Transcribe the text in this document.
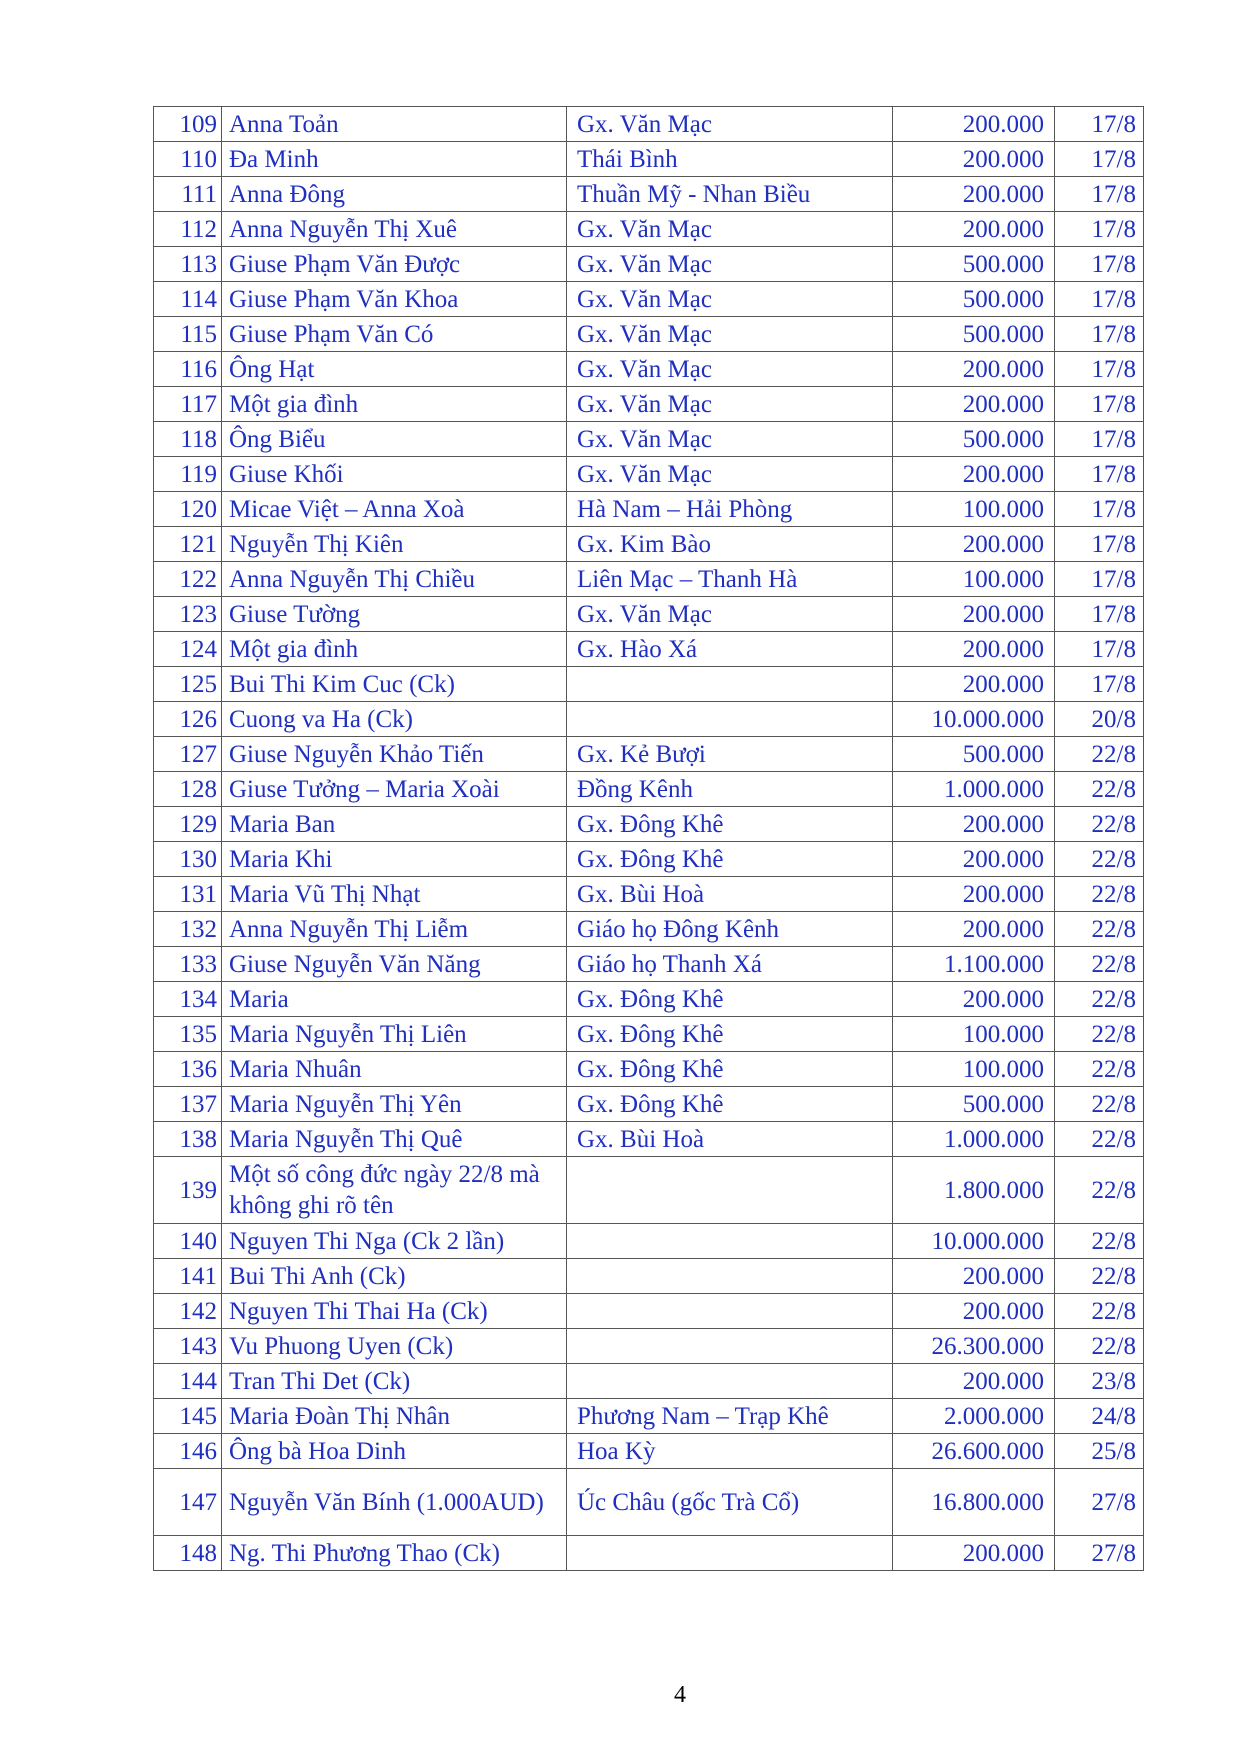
109	Anna Toản	Gx. Văn Mạc	200.000	17/8
110	Đa Minh	Thái Bình	200.000	17/8
111	Anna Đông	Thuần Mỹ - Nhan Biều	200.000	17/8
112	Anna Nguyễn Thị Xuê	Gx. Văn Mạc	200.000	17/8
113	Giuse Phạm Văn Được	Gx. Văn Mạc	500.000	17/8
114	Giuse Phạm Văn Khoa	Gx. Văn Mạc	500.000	17/8
115	Giuse Phạm Văn Có	Gx. Văn Mạc	500.000	17/8
116	Ông Hạt	Gx. Văn Mạc	200.000	17/8
117	Một gia đình	Gx. Văn Mạc	200.000	17/8
118	Ông Biểu	Gx. Văn Mạc	500.000	17/8
119	Giuse Khối	Gx. Văn Mạc	200.000	17/8
120	Micae Việt – Anna Xoà	Hà Nam – Hải Phòng	100.000	17/8
121	Nguyễn Thị Kiên	Gx. Kim Bào	200.000	17/8
122	Anna Nguyễn Thị Chiều	Liên Mạc – Thanh Hà	100.000	17/8
123	Giuse Tường	Gx. Văn Mạc	200.000	17/8
124	Một gia đình	Gx. Hào Xá	200.000	17/8
125	Bui Thi Kim Cuc (Ck)		200.000	17/8
126	Cuong va Ha (Ck)		10.000.000	20/8
127	Giuse Nguyễn Khảo Tiến	Gx. Kẻ Bượi	500.000	22/8
128	Giuse Tưởng – Maria Xoài	Đồng Kênh	1.000.000	22/8
129	Maria Ban	Gx. Đông Khê	200.000	22/8
130	Maria Khi	Gx. Đông Khê	200.000	22/8
131	Maria Vũ Thị Nhạt	Gx. Bùi Hoà	200.000	22/8
132	Anna Nguyễn Thị Liễm	Giáo họ Đông Kênh	200.000	22/8
133	Giuse Nguyễn Văn Năng	Giáo họ Thanh Xá	1.100.000	22/8
134	Maria	Gx. Đông Khê	200.000	22/8
135	Maria Nguyễn Thị Liên	Gx. Đông Khê	100.000	22/8
136	Maria Nhuân	Gx. Đông Khê	100.000	22/8
137	Maria Nguyễn Thị Yên	Gx. Đông Khê	500.000	22/8
138	Maria Nguyễn Thị Quê	Gx. Bùi Hoà	1.000.000	22/8
139	Một số công đức ngày 22/8 mà không ghi rõ tên		1.800.000	22/8
140	Nguyen Thi Nga (Ck 2 lần)		10.000.000	22/8
141	Bui Thi Anh (Ck)		200.000	22/8
142	Nguyen Thi Thai Ha (Ck)		200.000	22/8
143	Vu Phuong Uyen (Ck)		26.300.000	22/8
144	Tran Thi Det (Ck)		200.000	23/8
145	Maria Đoàn Thị Nhân	Phương Nam – Trạp Khê	2.000.000	24/8
146	Ông bà Hoa Dinh	Hoa Kỳ	26.600.000	25/8
147	Nguyễn Văn Bính (1.000AUD)	Úc Châu (gốc Trà Cổ)	16.800.000	27/8
148	Ng. Thi Phương Thao (Ck)		200.000	27/8
4
